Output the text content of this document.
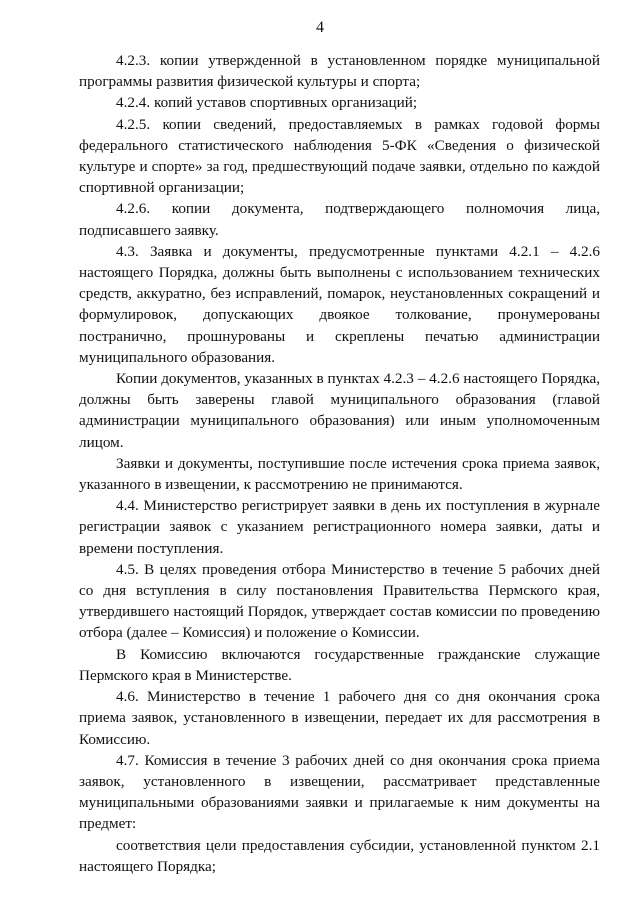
4

4.2.3. копии утвержденной в установленном порядке муниципальной программы развития физической культуры и спорта;

4.2.4. копий уставов спортивных организаций;

4.2.5. копии сведений, предоставляемых в рамках годовой формы федерального статистического наблюдения 5-ФК «Сведения о физической культуре и спорте» за год, предшествующий подаче заявки, отдельно по каждой спортивной организации;

4.2.6. копии документа, подтверждающего полномочия лица, подписавшего заявку.

4.3. Заявка и документы, предусмотренные пунктами 4.2.1 – 4.2.6 настоящего Порядка, должны быть выполнены с использованием технических средств, аккуратно, без исправлений, помарок, неустановленных сокращений и формулировок, допускающих двоякое толкование, пронумерованы постранично, прошнурованы и скреплены печатью администрации муниципального образования.

Копии документов, указанных в пунктах 4.2.3 – 4.2.6 настоящего Порядка, должны быть заверены главой муниципального образования (главой администрации муниципального образования) или иным уполномоченным лицом.

Заявки и документы, поступившие после истечения срока приема заявок, указанного в извещении, к рассмотрению не принимаются.

4.4. Министерство регистрирует заявки в день их поступления в журнале регистрации заявок с указанием регистрационного номера заявки, даты и времени поступления.

4.5. В целях проведения отбора Министерство в течение 5 рабочих дней со дня вступления в силу постановления Правительства Пермского края, утвердившего настоящий Порядок, утверждает состав комиссии по проведению отбора (далее – Комиссия) и положение о Комиссии.

В Комиссию включаются государственные гражданские служащие Пермского края в Министерстве.

4.6. Министерство в течение 1 рабочего дня со дня окончания срока приема заявок, установленного в извещении, передает их для рассмотрения в Комиссию.

4.7. Комиссия в течение 3 рабочих дней со дня окончания срока приема заявок, установленного в извещении, рассматривает представленные муниципальными образованиями заявки и прилагаемые к ним документы на предмет:

соответствия цели предоставления субсидии, установленной пунктом 2.1 настоящего Порядка;
